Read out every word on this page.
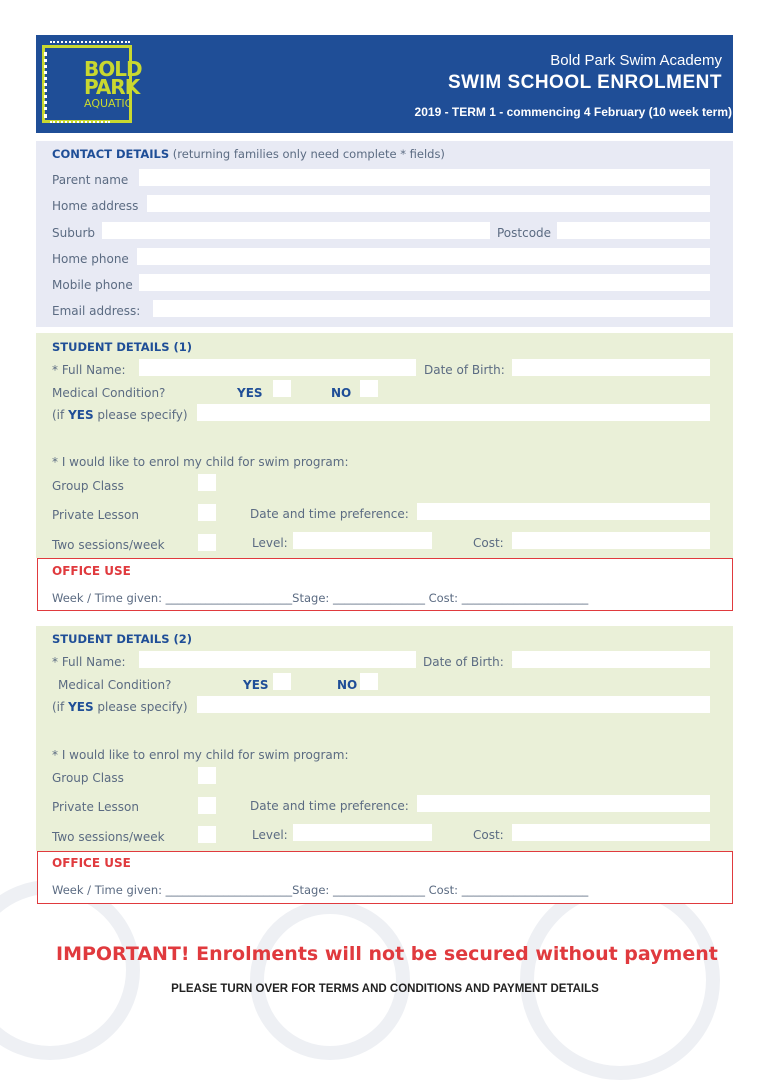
BOLD
PARK
AQUATIC
Bold Park Swim Academy
SWIM SCHOOL ENROLMENT
2019 - TERM 1 - commencing 4 February (10 week term)
CONTACT DETAILS (returning families only need complete * fields)
Parent name
Home address
Suburb	Postcode
Home phone
Mobile phone
Email address:
STUDENT DETAILS (1)
* Full Name:	Date of Birth:
Medical Condition?	YES	NO
(if YES please specify)
* I would like to enrol my child for swim program:
Group Class
Private Lesson	Date and time preference:
Two sessions/week	Level:	Cost:
OFFICE USE
Week / Time given: ______________________Stage: ________________ Cost: ______________________
STUDENT DETAILS (2)
* Full Name:	Date of Birth:
Medical Condition?	YES	NO
(if YES please specify)
* I would like to enrol my child for swim program:
Group Class
Private Lesson	Date and time preference:
Two sessions/week	Level:	Cost:
OFFICE USE
Week / Time given: ______________________Stage: ________________ Cost: ______________________
IMPORTANT! Enrolments will not be secured without payment
PLEASE TURN OVER FOR TERMS AND CONDITIONS AND PAYMENT DETAILS
